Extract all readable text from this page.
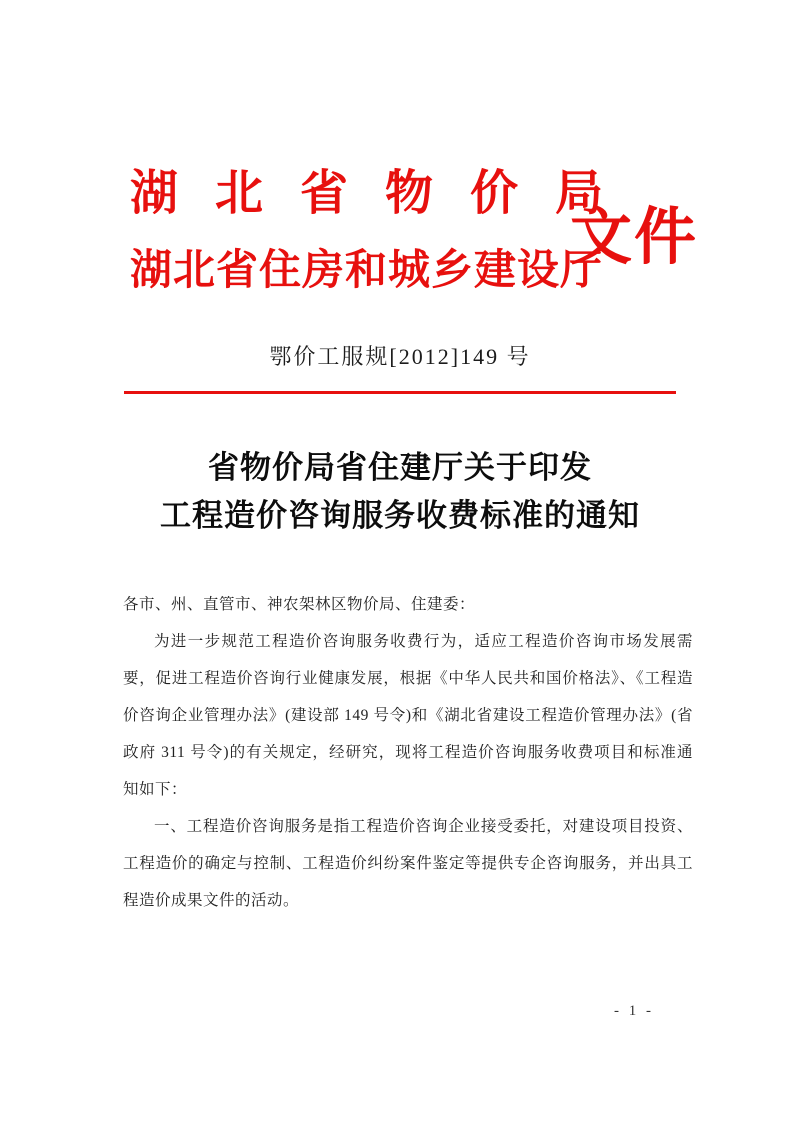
湖北省物价局
湖北省住房和城乡建设厅
文件
鄂价工服规[2012]149 号
省物价局省住建厅关于印发
工程造价咨询服务收费标准的通知
各市、州、直管市、神农架林区物价局、住建委：
为进一步规范工程造价咨询服务收费行为，适应工程造价咨询市场发展需
要，促进工程造价咨询行业健康发展，根据《中华人民共和国价格法》、《工程造
价咨询企业管理办法》(建设部 149 号令)和《湖北省建设工程造价管理办法》(省
政府 311 号令)的有关规定，经研究，现将工程造价咨询服务收费项目和标准通
知如下：
一、工程造价咨询服务是指工程造价咨询企业接受委托，对建设项目投资、
工程造价的确定与控制、工程造价纠纷案件鉴定等提供专企咨询服务，并出具工
程造价成果文件的活动。
- 1 -
